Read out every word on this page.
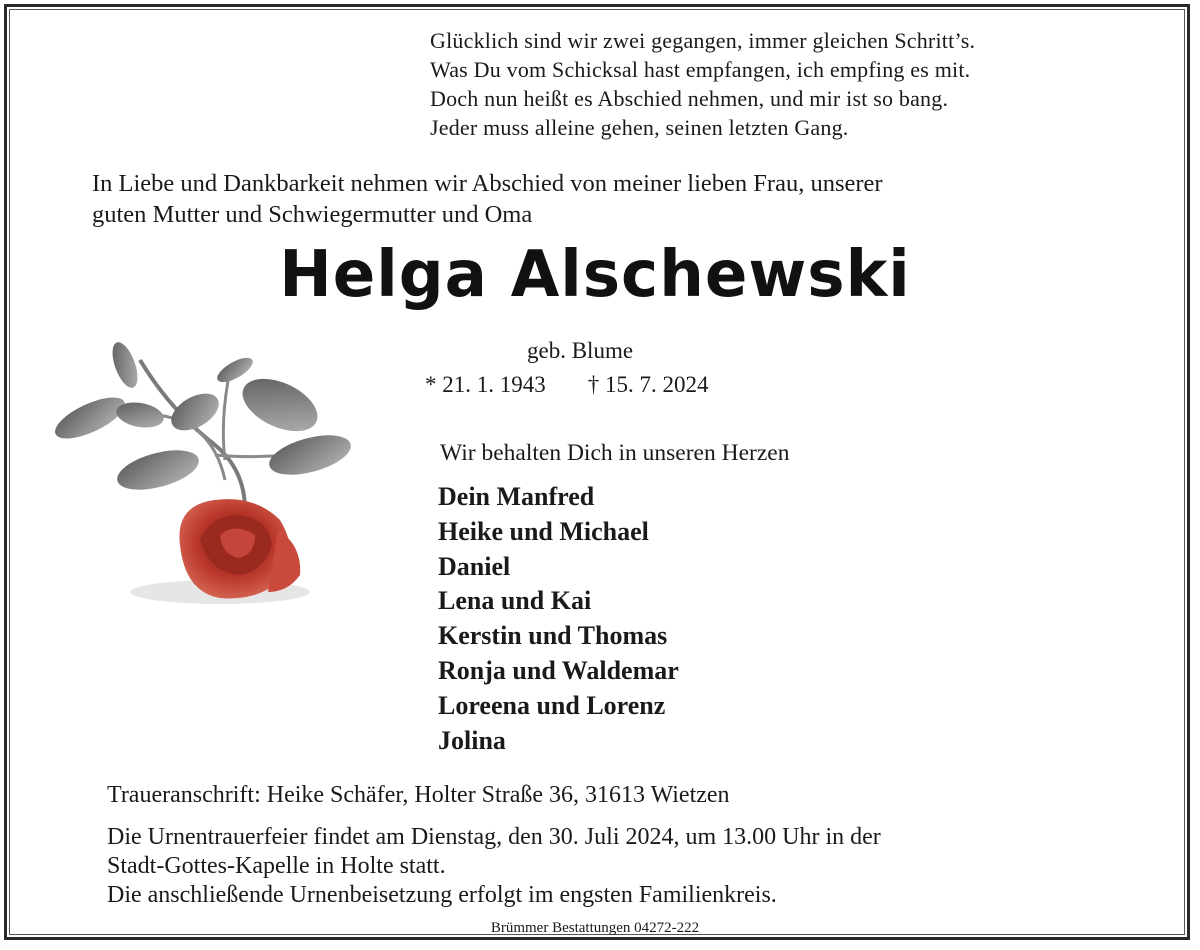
Glücklich sind wir zwei gegangen, immer gleichen Schritt’s.
Was Du vom Schicksal hast empfangen, ich empfing es mit.
Doch nun heißt es Abschied nehmen, und mir ist so bang.
Jeder muss alleine gehen, seinen letzten Gang.
In Liebe und Dankbarkeit nehmen wir Abschied von meiner lieben Frau, unserer
guten Mutter und Schwiegermutter und Oma
Helga Alschewski
geb. Blume
* 21. 1. 1943 † 15. 7. 2024
Wir behalten Dich in unseren Herzen
Dein Manfred
Heike und Michael
Daniel
Lena und Kai
Kerstin und Thomas
Ronja und Waldemar
Loreena und Lorenz
Jolina
Traueranschrift: Heike Schäfer, Holter Straße 36, 31613 Wietzen
Die Urnentrauerfeier findet am Dienstag, den 30. Juli 2024, um 13.00 Uhr in der
Stadt-Gottes-Kapelle in Holte statt.
Die anschließende Urnenbeisetzung erfolgt im engsten Familienkreis.
Brümmer Bestattungen 04272-222
